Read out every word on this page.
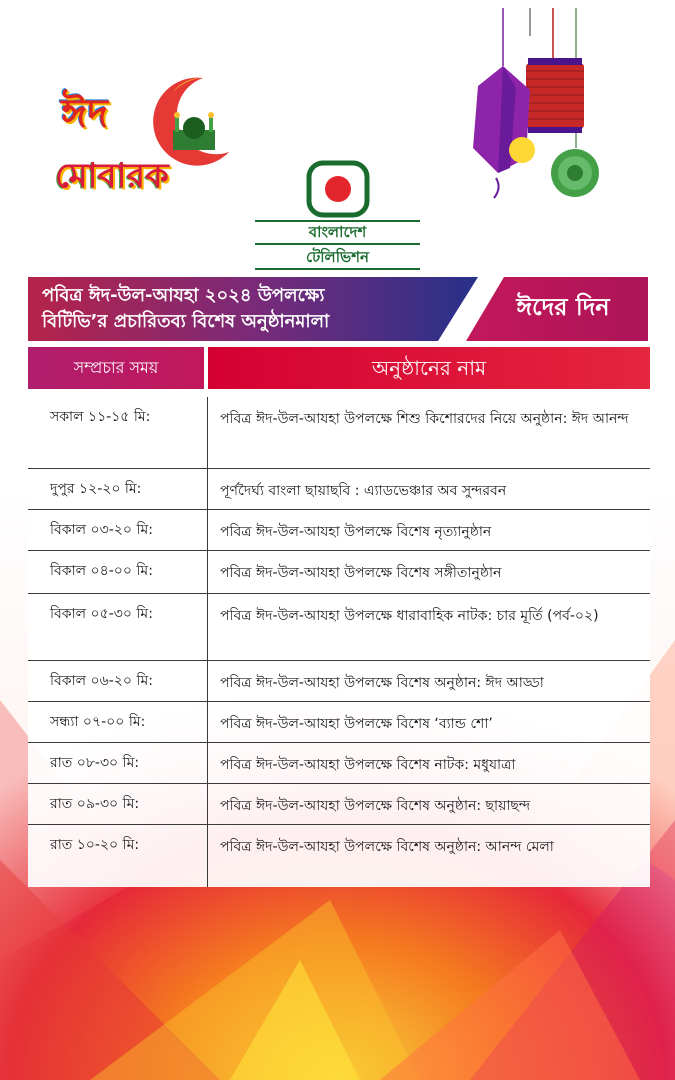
ঈদ
মোবারক
বাংলাদেশ
টেলিভিশন
পবিত্র ঈদ-উল-আযহা ২০২৪ উপলক্ষ্যে
বিটিভি’র প্রচারিতব্য বিশেষ অনুষ্ঠানমালা
ঈদের দিন
সম্প্রচার সময়	অনুষ্ঠানের নাম
সকাল ১১-১৫ মি:	পবিত্র ঈদ-উল-আযহা উপলক্ষে শিশু কিশোরদের নিয়ে অনুষ্ঠান: ঈদ আনন্দ
দুপুর ১২-২০ মি:	পূর্ণদৈর্ঘ্য বাংলা ছায়াছবি : এ্যাডভেঞ্চার অব সুন্দরবন
বিকাল ০৩-২০ মি:	পবিত্র ঈদ-উল-আযহা উপলক্ষে বিশেষ নৃত্যানুষ্ঠান
বিকাল ০৪-০০ মি:	পবিত্র ঈদ-উল-আযহা উপলক্ষে বিশেষ সঙ্গীতানুষ্ঠান
বিকাল ০৫-৩০ মি:	পবিত্র ঈদ-উল-আযহা উপলক্ষে ধারাবাহিক নাটক: চার মূর্তি (পর্ব-০২)
বিকাল ০৬-২০ মি:	পবিত্র ঈদ-উল-আযহা উপলক্ষে বিশেষ অনুষ্ঠান: ঈদ আড্ডা
সন্ধ্যা ০৭-০০ মি:	পবিত্র ঈদ-উল-আযহা উপলক্ষে বিশেষ ‘ব্যান্ড শো’
রাত ০৮-৩০ মি:	পবিত্র ঈদ-উল-আযহা উপলক্ষে বিশেষ নাটক: মধুযাত্রা
রাত ০৯-৩০ মি:	পবিত্র ঈদ-উল-আযহা উপলক্ষে বিশেষ অনুষ্ঠান: ছায়াছন্দ
রাত ১০-২০ মি:	পবিত্র ঈদ-উল-আযহা উপলক্ষে বিশেষ অনুষ্ঠান: আনন্দ মেলা
